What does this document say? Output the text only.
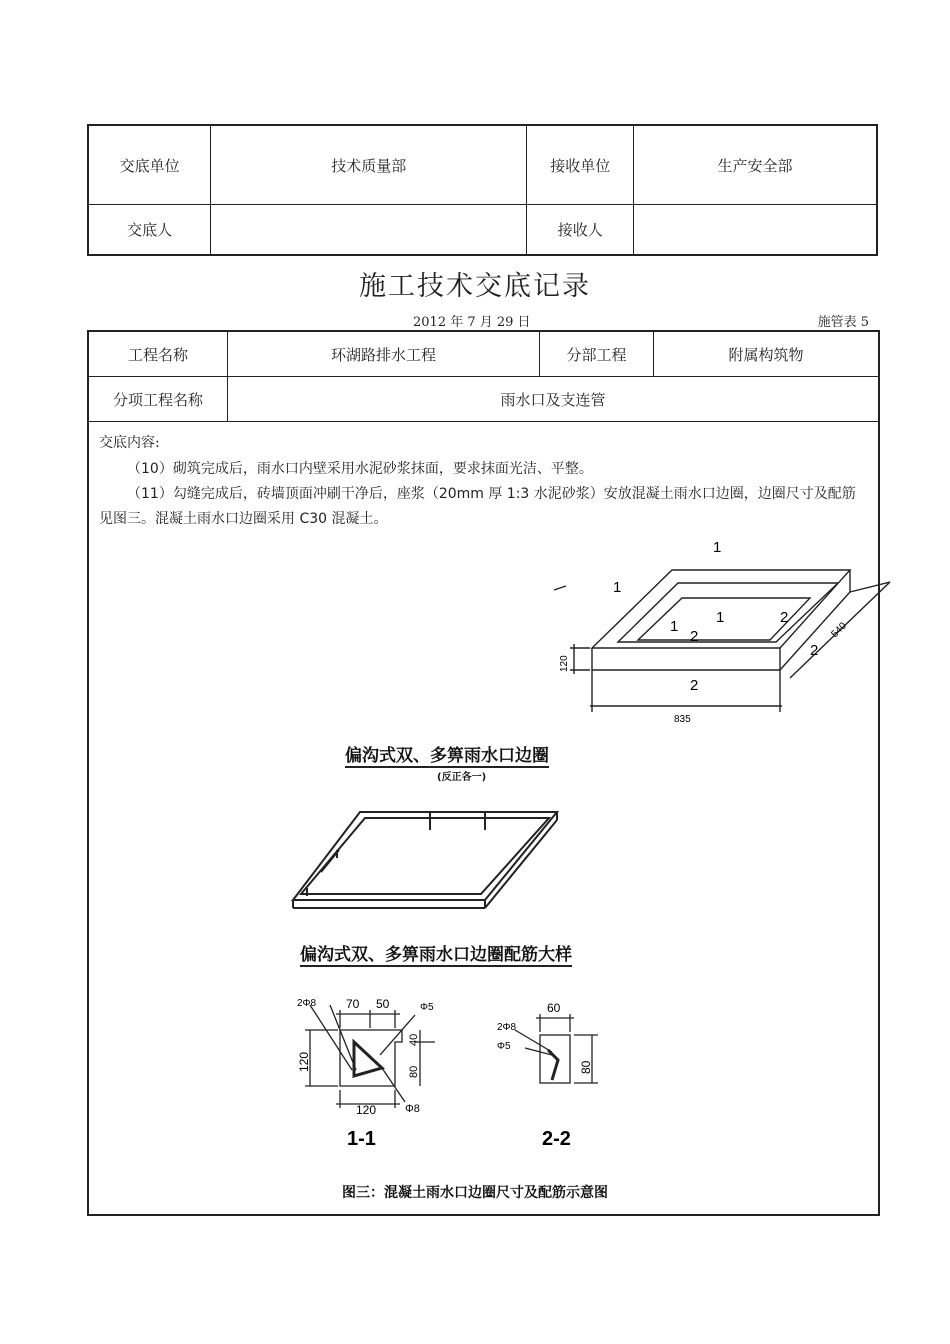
交底单位	技术质量部	接收单位	生产安全部
交底人		接收人	
施工技术交底记录
2012 年 7 月 29 日	施管表 5
工程名称	环湖路排水工程	分部工程	附属构筑物
分项工程名称	雨水口及支连管
交底内容:
（10）砌筑完成后，雨水口内壁采用水泥砂浆抹面，要求抹面光洁、平整。
（11）勾缝完成后，砖墙顶面冲刷干净后，座浆（20mm 厚 1:3 水泥砂浆）安放混凝土雨水口边圈，边圈尺寸及配筋见图三。混凝土雨水口边圈采用 C30 混凝土。
1
1
1
1
2
2
2
2
835
540
120
偏沟式双、多箅雨水口边圈
(反正各一)
偏沟式双、多箅雨水口边圈配筋大样
2Φ8 70 50	Φ5
120
40
80
120	Φ8
1-1
2Φ8
60
Φ5
80
2-2
图三：混凝土雨水口边圈尺寸及配筋示意图
